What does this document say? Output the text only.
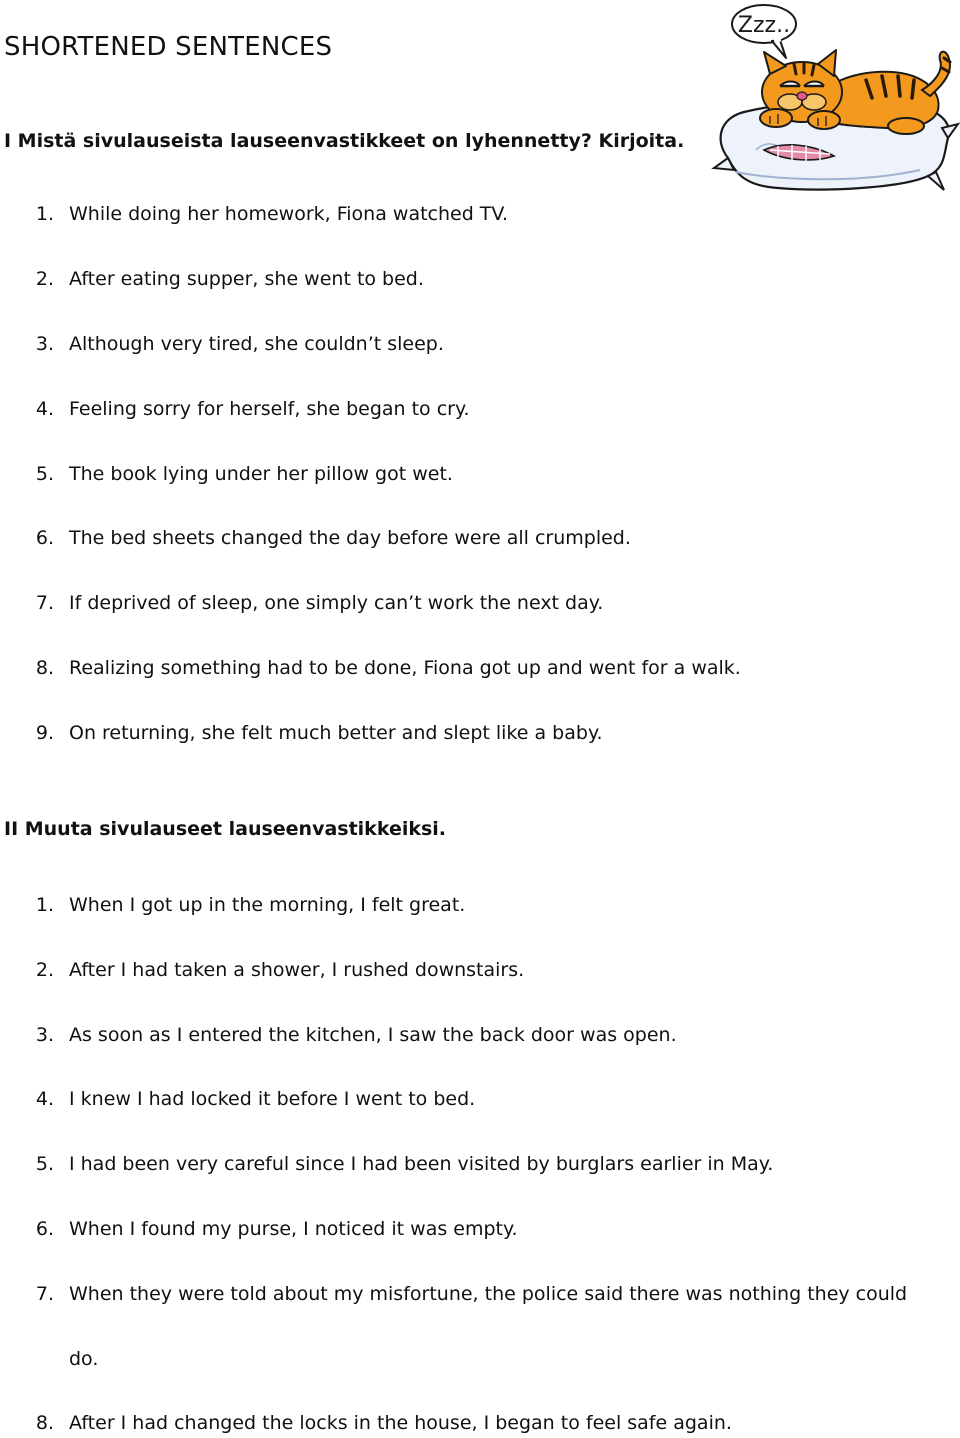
SHORTENED SENTENCES
I Mistä sivulauseista lauseenvastikkeet on lyhennetty? Kirjoita.
1. While doing her homework, Fiona watched TV.
2. After eating supper, she went to bed.
3. Although very tired, she couldn’t sleep.
4. Feeling sorry for herself, she began to cry.
5. The book lying under her pillow got wet.
6. The bed sheets changed the day before were all crumpled.
7. If deprived of sleep, one simply can’t work the next day.
8. Realizing something had to be done, Fiona got up and went for a walk.
9. On returning, she felt much better and slept like a baby.
II Muuta sivulauseet lauseenvastikkeiksi.
1. When I got up in the morning, I felt great.
2. After I had taken a shower, I rushed downstairs.
3. As soon as I entered the kitchen, I saw the back door was open.
4. I knew I had locked it before I went to bed.
5. I had been very careful since I had been visited by burglars earlier in May.
6. When I found my purse, I noticed it was empty.
7. When they were told about my misfortune, the police said there was nothing they could
do.
8. After I had changed the locks in the house, I began to feel safe again.
Zzz..
